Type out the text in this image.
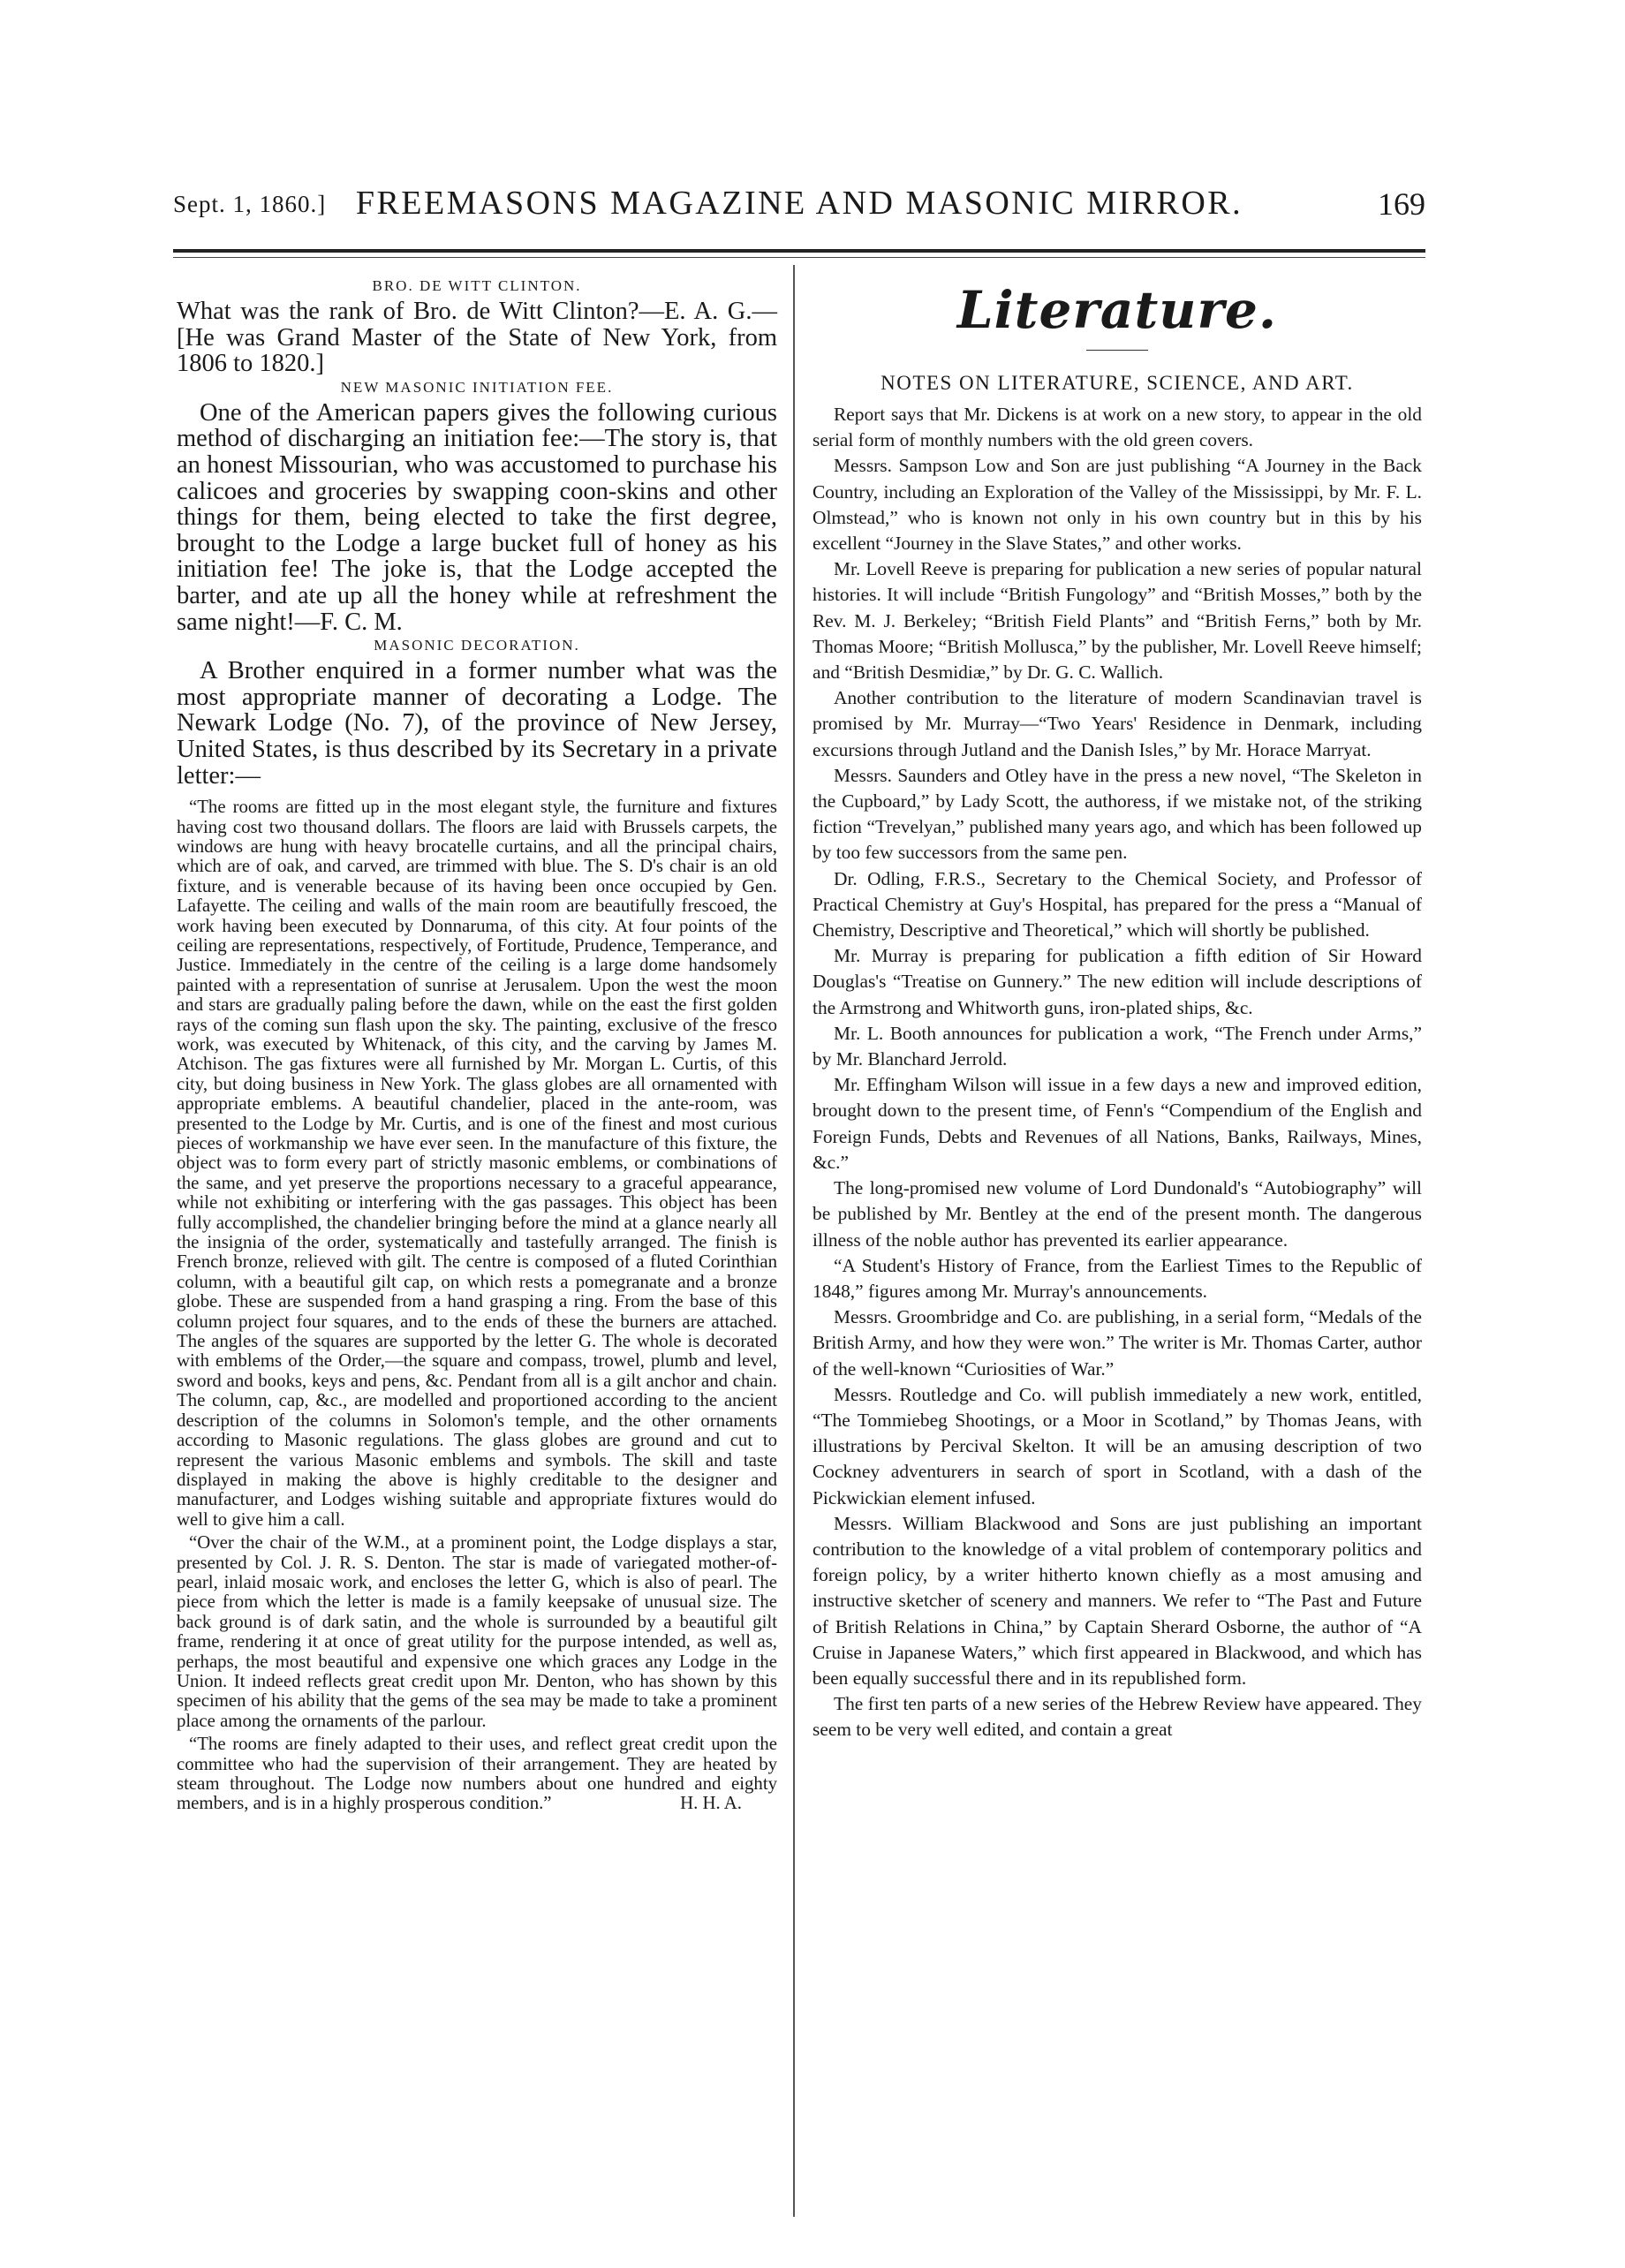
Sept. 1, 1860.] FREEMASONS MAGAZINE AND MASONIC MIRROR.	169
BRO. DE WITT CLINTON.

What was the rank of Bro. de Witt Clinton?—E. A. G.—[He was Grand Master of the State of New York, from 1806 to 1820.]

NEW MASONIC INITIATION FEE.

One of the American papers gives the following curious method of discharging an initiation fee:—The story is, that an honest Missourian, who was accustomed to purchase his calicoes and groceries by swapping coon-skins and other things for them, being elected to take the first degree, brought to the Lodge a large bucket full of honey as his initiation fee! The joke is, that the Lodge accepted the barter, and ate up all the honey while at refreshment the same night!—F. C. M.

MASONIC DECORATION.

A Brother enquired in a former number what was the most appropriate manner of decorating a Lodge. The Newark Lodge (No. 7), of the province of New Jersey, United States, is thus described by its Secretary in a private letter:—

“The rooms are fitted up in the most elegant style, the furniture and fixtures having cost two thousand dollars. The floors are laid with Brussels carpets, the windows are hung with heavy brocatelle curtains, and all the principal chairs, which are of oak, and carved, are trimmed with blue. The S. D's chair is an old fixture, and is venerable because of its having been once occupied by Gen. Lafayette. The ceiling and walls of the main room are beautifully frescoed, the work having been executed by Donnaruma, of this city. At four points of the ceiling are representations, respectively, of Fortitude, Prudence, Temperance, and Justice. Immediately in the centre of the ceiling is a large dome handsomely painted with a representation of sunrise at Jerusalem. Upon the west the moon and stars are gradually paling before the dawn, while on the east the first golden rays of the coming sun flash upon the sky. The painting, exclusive of the fresco work, was executed by Whitenack, of this city, and the carving by James M. Atchison. The gas fixtures were all furnished by Mr. Morgan L. Curtis, of this city, but doing business in New York. The glass globes are all ornamented with appropriate emblems. A beautiful chandelier, placed in the ante-room, was presented to the Lodge by Mr. Curtis, and is one of the finest and most curious pieces of workmanship we have ever seen. In the manufacture of this fixture, the object was to form every part of strictly masonic emblems, or combinations of the same, and yet preserve the proportions necessary to a graceful appearance, while not exhibiting or interfering with the gas passages. This object has been fully accomplished, the chandelier bringing before the mind at a glance nearly all the insignia of the order, systematically and tastefully arranged. The finish is French bronze, relieved with gilt. The centre is composed of a fluted Corinthian column, with a beautiful gilt cap, on which rests a pomegranate and a bronze globe. These are suspended from a hand grasping a ring. From the base of this column project four squares, and to the ends of these the burners are attached. The angles of the squares are supported by the letter G. The whole is decorated with emblems of the Order,—the square and compass, trowel, plumb and level, sword and books, keys and pens, &c. Pendant from all is a gilt anchor and chain. The column, cap, &c., are modelled and proportioned according to the ancient description of the columns in Solomon's temple, and the other ornaments according to Masonic regulations. The glass globes are ground and cut to represent the various Masonic emblems and symbols. The skill and taste displayed in making the above is highly creditable to the designer and manufacturer, and Lodges wishing suitable and appropriate fixtures would do well to give him a call.

“Over the chair of the W.M., at a prominent point, the Lodge displays a star, presented by Col. J. R. S. Denton. The star is made of variegated mother-of-pearl, inlaid mosaic work, and encloses the letter G, which is also of pearl. The piece from which the letter is made is a family keepsake of unusual size. The back ground is of dark satin, and the whole is surrounded by a beautiful gilt frame, rendering it at once of great utility for the purpose intended, as well as, perhaps, the most beautiful and expensive one which graces any Lodge in the Union. It indeed reflects great credit upon Mr. Denton, who has shown by this specimen of his ability that the gems of the sea may be made to take a prominent place among the ornaments of the parlour.

“The rooms are finely adapted to their uses, and reflect great credit upon the committee who had the supervision of their arrangement. They are heated by steam throughout. The Lodge now numbers about one hundred and eighty members, and is in a highly prosperous condition.”	H. H. A.

Literature.
NOTES ON LITERATURE, SCIENCE, AND ART.

Report says that Mr. Dickens is at work on a new story, to appear in the old serial form of monthly numbers with the old green covers.

Messrs. Sampson Low and Son are just publishing “A Journey in the Back Country, including an Exploration of the Valley of the Mississippi, by Mr. F. L. Olmstead,” who is known not only in his own country but in this by his excellent “Journey in the Slave States,” and other works.

Mr. Lovell Reeve is preparing for publication a new series of popular natural histories. It will include “British Fungology” and “British Mosses,” both by the Rev. M. J. Berkeley; “British Field Plants” and “British Ferns,” both by Mr. Thomas Moore; “British Mollusca,” by the publisher, Mr. Lovell Reeve himself; and “British Desmidiæ,” by Dr. G. C. Wallich.

Another contribution to the literature of modern Scandinavian travel is promised by Mr. Murray—“Two Years' Residence in Denmark, including excursions through Jutland and the Danish Isles,” by Mr. Horace Marryat.

Messrs. Saunders and Otley have in the press a new novel, “The Skeleton in the Cupboard,” by Lady Scott, the authoress, if we mistake not, of the striking fiction “Trevelyan,” published many years ago, and which has been followed up by too few successors from the same pen.

Dr. Odling, F.R.S., Secretary to the Chemical Society, and Professor of Practical Chemistry at Guy's Hospital, has prepared for the press a “Manual of Chemistry, Descriptive and Theoretical,” which will shortly be published.

Mr. Murray is preparing for publication a fifth edition of Sir Howard Douglas's “Treatise on Gunnery.” The new edition will include descriptions of the Armstrong and Whitworth guns, iron-plated ships, &c.

Mr. L. Booth announces for publication a work, “The French under Arms,” by Mr. Blanchard Jerrold.

Mr. Effingham Wilson will issue in a few days a new and improved edition, brought down to the present time, of Fenn's “Compendium of the English and Foreign Funds, Debts and Revenues of all Nations, Banks, Railways, Mines, &c.”

The long-promised new volume of Lord Dundonald's “Autobiography” will be published by Mr. Bentley at the end of the present month. The dangerous illness of the noble author has prevented its earlier appearance.

“A Student's History of France, from the Earliest Times to the Republic of 1848,” figures among Mr. Murray's announcements.

Messrs. Groombridge and Co. are publishing, in a serial form, “Medals of the British Army, and how they were won.” The writer is Mr. Thomas Carter, author of the well-known “Curiosities of War.”

Messrs. Routledge and Co. will publish immediately a new work, entitled, “The Tommiebeg Shootings, or a Moor in Scotland,” by Thomas Jeans, with illustrations by Percival Skelton. It will be an amusing description of two Cockney adventurers in search of sport in Scotland, with a dash of the Pickwickian element infused.

Messrs. William Blackwood and Sons are just publishing an important contribution to the knowledge of a vital problem of contemporary politics and foreign policy, by a writer hitherto known chiefly as a most amusing and instructive sketcher of scenery and manners. We refer to “The Past and Future of British Relations in China,” by Captain Sherard Osborne, the author of “A Cruise in Japanese Waters,” which first appeared in Blackwood, and which has been equally successful there and in its republished form.

The first ten parts of a new series of the Hebrew Review have appeared. They seem to be very well edited, and contain a great
